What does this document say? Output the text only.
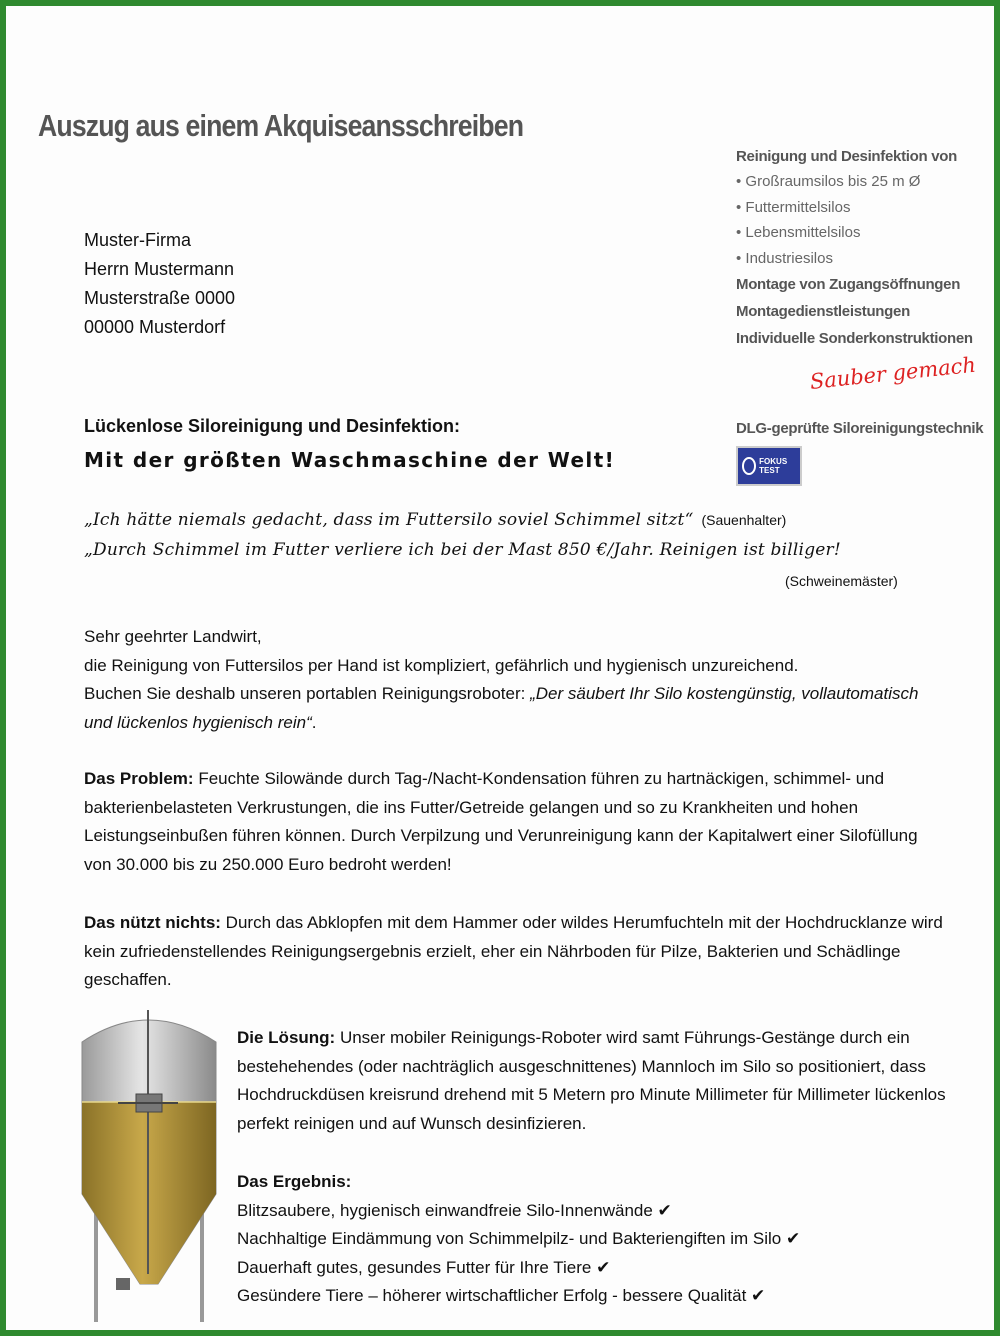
Auszug aus einem Akquiseansschreiben
Muster-Firma
Herrn Mustermann
Musterstraße 0000
00000 Musterdorf
Reinigung und Desinfektion von
• Großraumsilos bis 25 m Ø
• Futtermittelsilos
• Lebensmittelsilos
• Industriesilos
Montage von Zugangsöffnungen
Montagedienstleistungen
Individuelle Sonderkonstruktionen
Sauber gemach
DLG-geprüfte Siloreinigungstechnik
FOKUS TEST
Lückenlose Siloreinigung und Desinfektion:
Mit der größten Waschmaschine der Welt!
„Ich hätte niemals gedacht, dass im Futtersilo soviel Schimmel sitzt“ (Sauenhalter)
„Durch Schimmel im Futter verliere ich bei der Mast 850 €/Jahr. Reinigen ist billiger!
(Schweinemäster)

Sehr geehrter Landwirt,

die Reinigung von Futtersilos per Hand ist kompliziert, gefährlich und hygienisch unzureichend.

Buchen Sie deshalb unseren portablen Reinigungsroboter: „Der säubert Ihr Silo kostengünstig, vollautomatisch und lückenlos hygienisch rein“.

Das Problem: Feuchte Silowände durch Tag-/Nacht-Kondensation führen zu hartnäckigen, schimmel- und bakterienbelasteten Verkrustungen, die ins Futter/Getreide gelangen und so zu Krankheiten und hohen Leistungseinbußen führen können. Durch Verpilzung und Verunreinigung kann der Kapitalwert einer Silofüllung von 30.000 bis zu 250.000 Euro bedroht werden!

Das nützt nichts: Durch das Abklopfen mit dem Hammer oder wildes Herumfuchteln mit der Hochdrucklanze wird kein zufriedenstellendes Reinigungsergebnis erzielt, eher ein Nährboden für Pilze, Bakterien und Schädlinge geschaffen.

Die Lösung: Unser mobiler Reinigungs-Roboter wird samt Führungs-Gestänge durch ein bestehehendes (oder nachträglich ausgeschnittenes) Mannloch im Silo so positioniert, dass Hochdruckdüsen kreisrund drehend mit 5 Metern pro Minute Millimeter für Millimeter lückenlos perfekt reinigen und auf Wunsch desinfizieren.
Das Ergebnis:
Blitzsaubere, hygienisch einwandfreie Silo-Innenwände ✔
Nachhaltige Eindämmung von Schimmelpilz- und Bakteriengiften im Silo ✔
Dauerhaft gutes, gesundes Futter für Ihre Tiere ✔
Gesündere Tiere – höherer wirtschaftlicher Erfolg - bessere Qualität ✔
